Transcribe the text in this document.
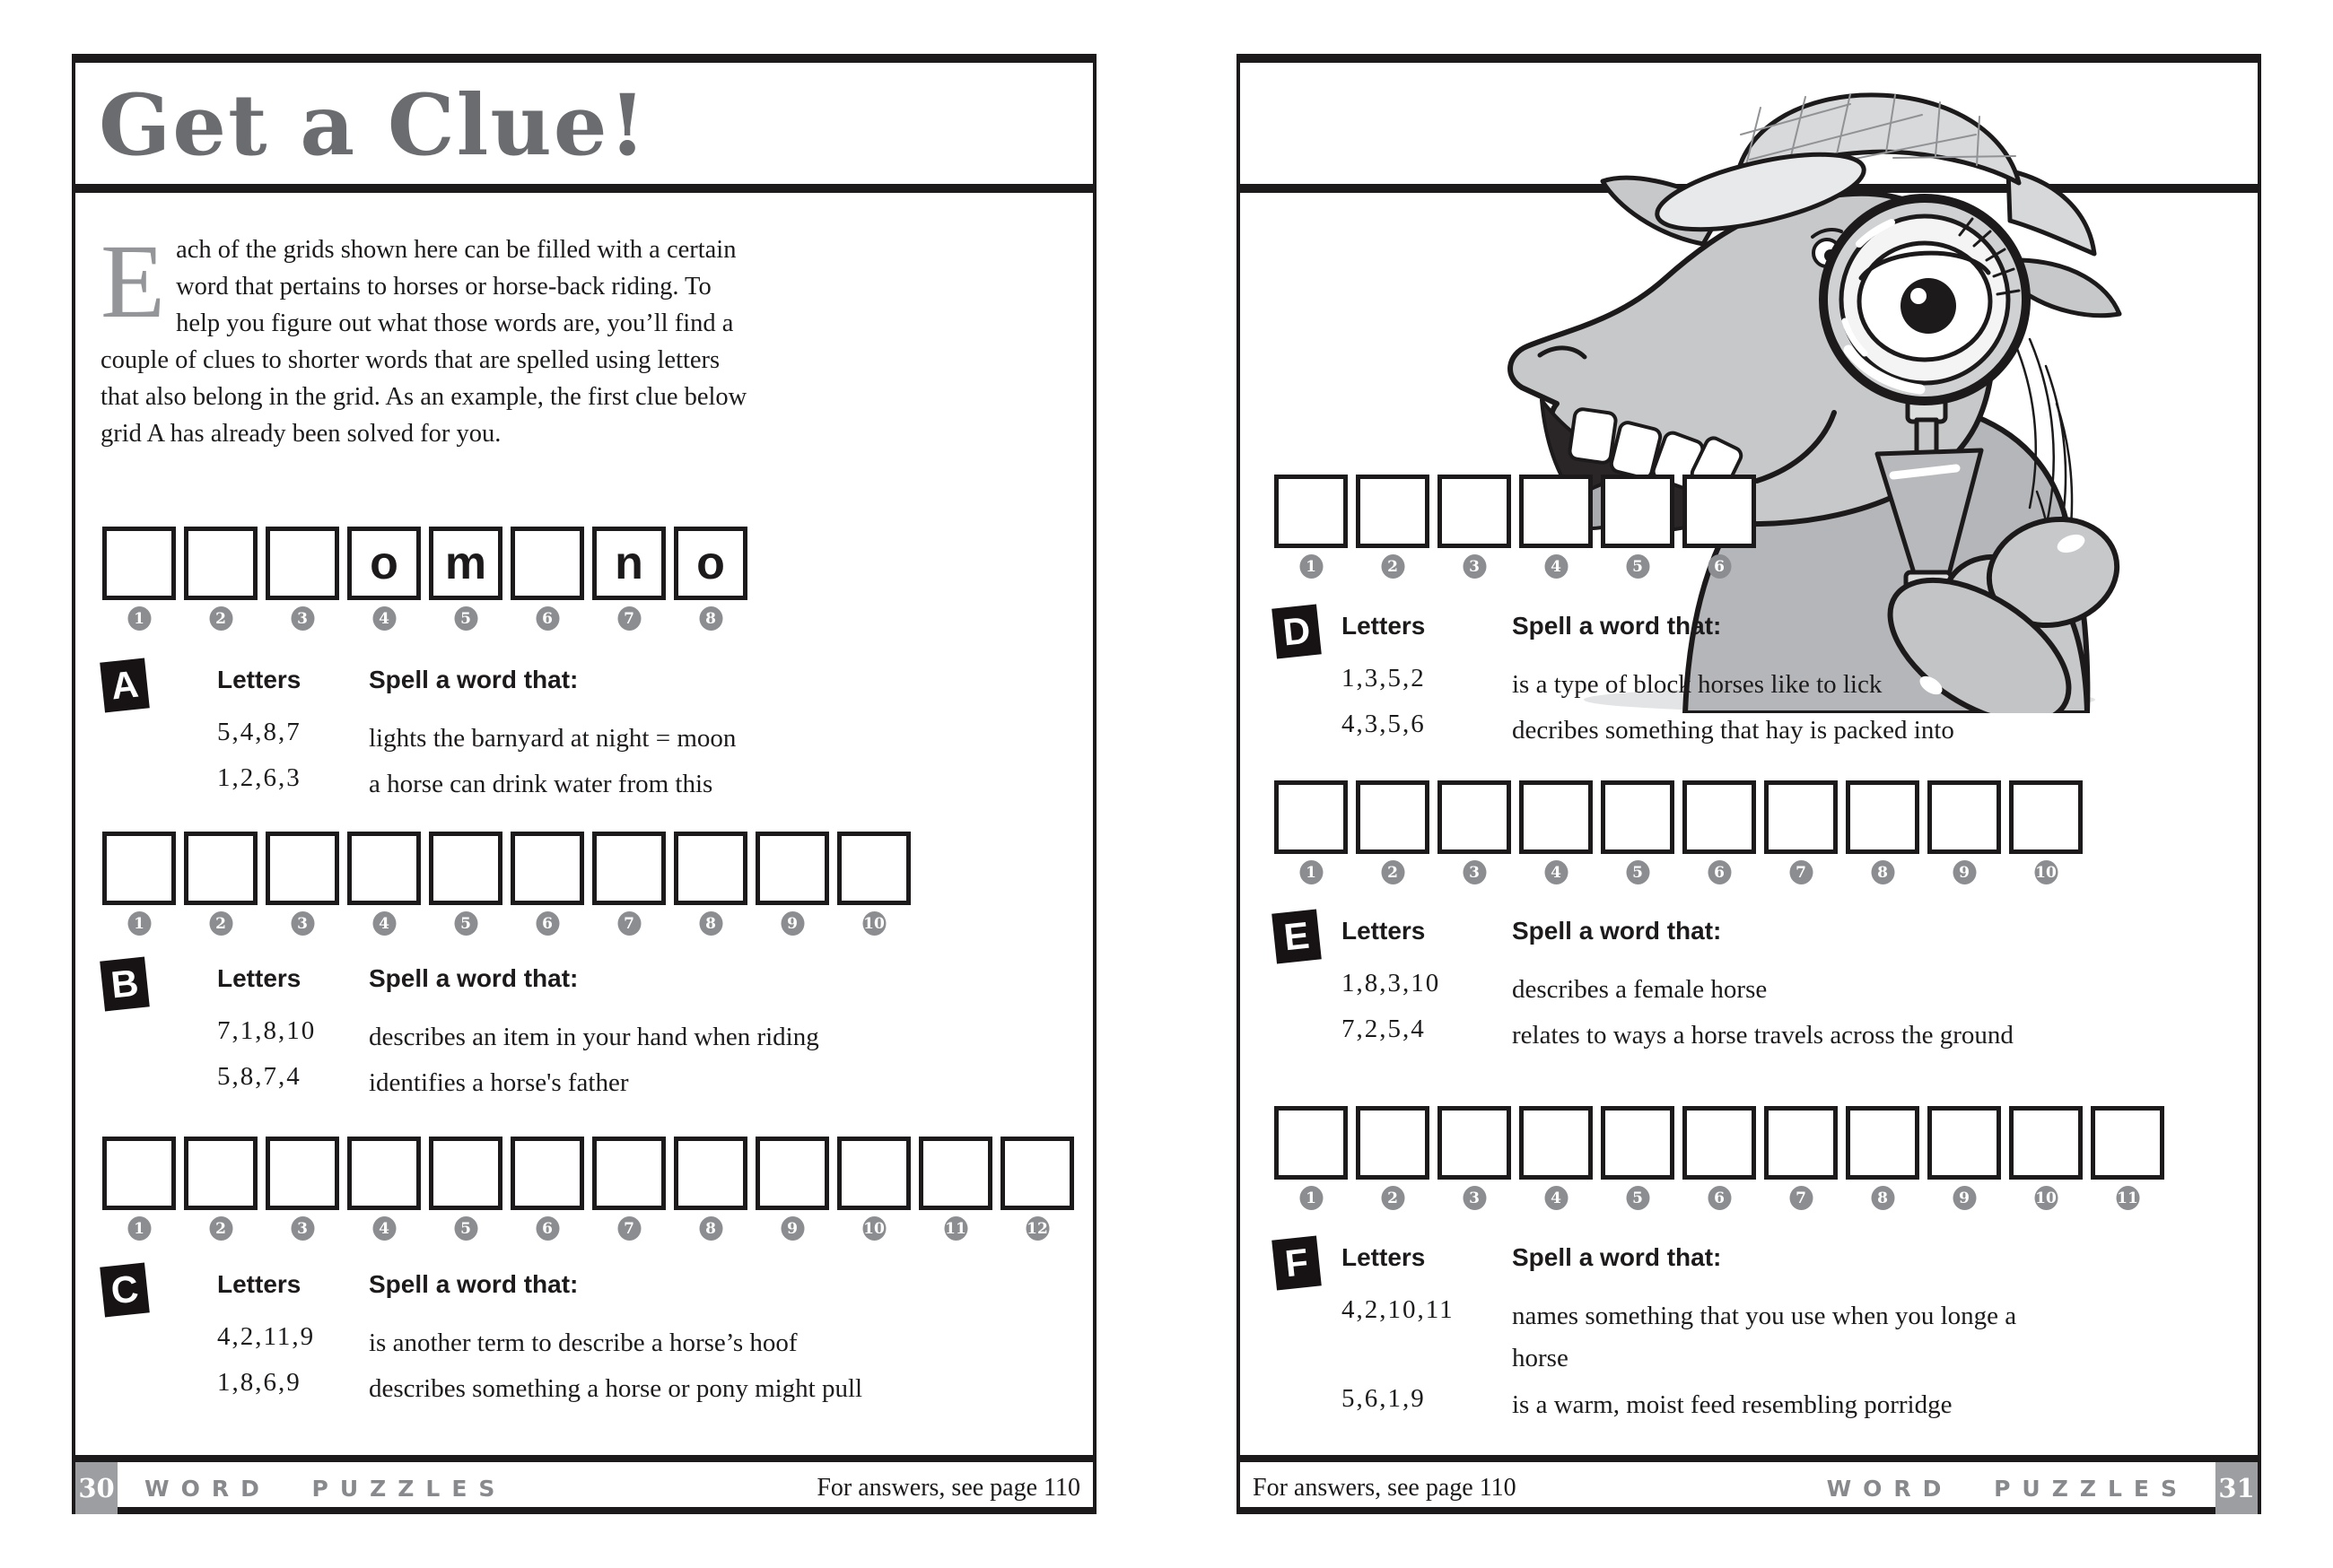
Get a Clue!
Each of the grids shown here can be filled with a certain word that pertains to horses or horse-back riding. To help you figure out what those words are, you’ll find a couple of clues to shorter words that are spelled using letters that also belong in the grid. As an example, the first clue below grid A has already been solved for you.
o m	n o
1	2	3	4	5	6	7	8
A	Letters	Spell a word that:
5,4,8,7	lights the barnyard at night = moon
1,2,6,3	a horse can drink water from this
1	2	3	4	5	6	7	8	9	10
B	Letters	Spell a word that:
7,1,8,10 describes an item in your hand when riding
5,8,7,4	identifies a horse's father
1	2	3	4	5	6	7	8	9	10	11	12
C	Letters	Spell a word that:
4,2,11,9 is another term to describe a horse’s hoof
1,8,6,9	describes something a horse or pony might pull
30 WORD PUZZLES	For answers, see page 110
1	2	3	4	5	6
D Letters	Spell a word that:
1,3,5,2	is a type of block horses like to lick
4,3,5,6	decribes something that hay is packed into
1	2	3	4	5	6	7	8	9	10
E Letters	Spell a word that:
1,8,3,10	describes a female horse
7,2,5,4	relates to ways a horse travels across the ground
1	2	3	4	5	6	7	8	9	10	11
F Letters	Spell a word that:
4,2,10,11 names something that you use when you longe a horse
5,6,1,9	is a warm, moist feed resembling porridge
For answers, see page 110	WORD PUZZLES 31
